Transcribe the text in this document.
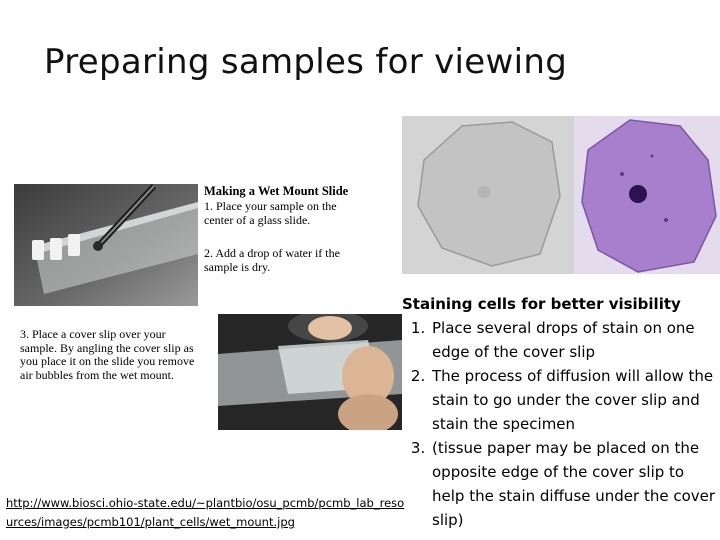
Preparing samples for viewing
Making a Wet Mount Slide
1. Place your sample on the center of a glass slide.
2. Add a drop of water if the sample is dry.
3. Place a cover slip over your sample. By angling the cover slip as you place it on the slide you remove air bubbles from the wet mount.
Staining cells for better visibility
1. Place several drops of stain on one edge of the cover slip
2. The process of diffusion will allow the stain to go under the cover slip and stain the specimen
3. (tissue paper may be placed on the opposite edge of the cover slip to help the stain diffuse under the cover slip)
http://www.biosci.ohio-state.edu/~plantbio/osu_pcmb/pcmb_lab_resources/images/pcmb101/plant_cells/wet_mount.jpg
